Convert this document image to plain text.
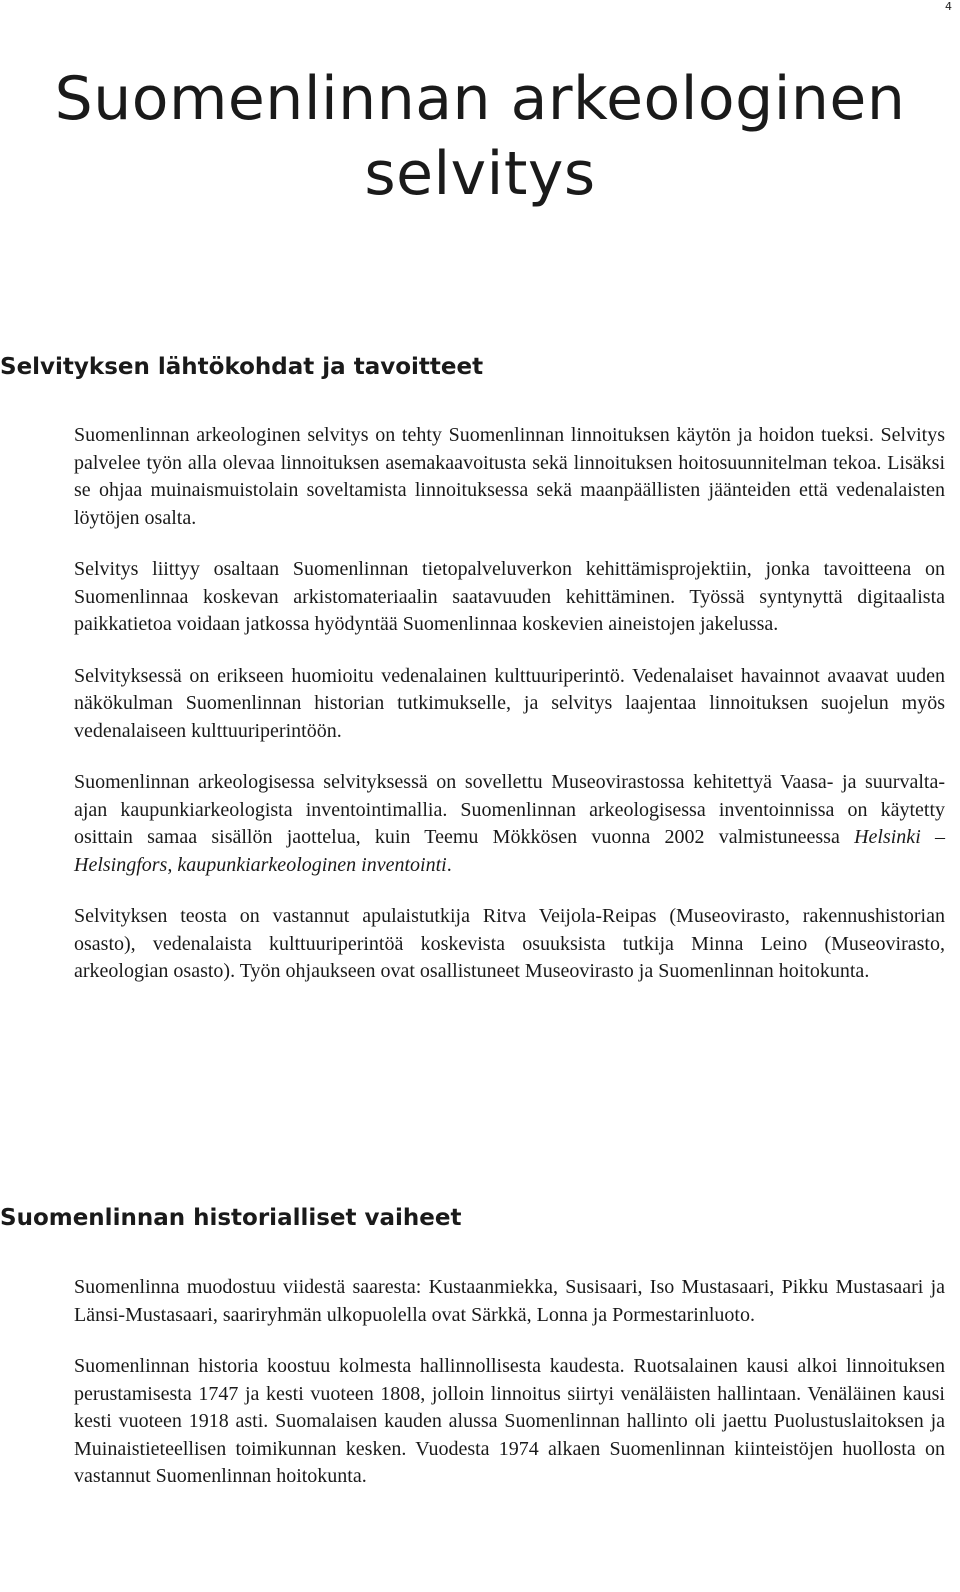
4
Suomenlinnan arkeologinen
selvitys
Selvityksen lähtökohdat ja tavoitteet

Suomenlinnan arkeologinen selvitys on tehty Suomenlinnan linnoituksen käytön ja hoidon tueksi. Selvitys palvelee työn alla olevaa linnoituksen asemakaavoitusta sekä linnoituksen hoitosuunnitelman tekoa. Lisäksi se ohjaa muinaismuistolain soveltamista linnoituksessa sekä maanpäällisten jäänteiden että vedenalaisten löytöjen osalta.

Selvitys liittyy osaltaan Suomenlinnan tietopalveluverkon kehittämisprojektiin, jonka tavoitteena on Suomenlinnaa koskevan arkistomateriaalin saatavuuden kehittäminen. Työssä syntynyttä digitaalista paikkatietoa voidaan jatkossa hyödyntää Suomenlinnaa koskevien aineistojen jakelussa.

Selvityksessä on erikseen huomioitu vedenalainen kulttuuriperintö. Vedenalaiset havainnot avaavat uuden näkökulman Suomenlinnan historian tutkimukselle, ja selvitys laajentaa linnoituksen suojelun myös vedenalaiseen kulttuuriperintöön.

Suomenlinnan arkeologisessa selvityksessä on sovellettu Museovirastossa kehitettyä Vaasa- ja suurvalta-ajan kaupunkiarkeologista inventointimallia. Suomenlinnan arkeologisessa inventoinnissa on käytetty osittain samaa sisällön jaottelua, kuin Teemu Mökkösen vuonna 2002 valmistuneessa Helsinki – Helsingfors, kaupunkiarkeologinen inventointi.

Selvityksen teosta on vastannut apulaistutkija Ritva Veijola-Reipas (Museovirasto, rakennushistorian osasto), vedenalaista kulttuuriperintöä koskevista osuuksista tutkija Minna Leino (Museovirasto, arkeologian osasto). Työn ohjaukseen ovat osallistuneet Museovirasto ja Suomenlinnan hoitokunta.

Suomenlinnan historialliset vaiheet

Suomenlinna muodostuu viidestä saaresta: Kustaanmiekka, Susisaari, Iso Mustasaari, Pikku Mustasaari ja Länsi-Mustasaari, saariryhmän ulkopuolella ovat Särkkä, Lonna ja Pormestarinluoto.

Suomenlinnan historia koostuu kolmesta hallinnollisesta kaudesta. Ruotsalainen kausi alkoi linnoituksen perustamisesta 1747 ja kesti vuoteen 1808, jolloin linnoitus siirtyi venäläisten hallintaan. Venäläinen kausi kesti vuoteen 1918 asti. Suomalaisen kauden alussa Suomenlinnan hallinto oli jaettu Puolustuslaitoksen ja Muinaistieteellisen toimikunnan kesken. Vuodesta 1974 alkaen Suomenlinnan kiinteistöjen huollosta on vastannut Suomenlinnan hoitokunta.
